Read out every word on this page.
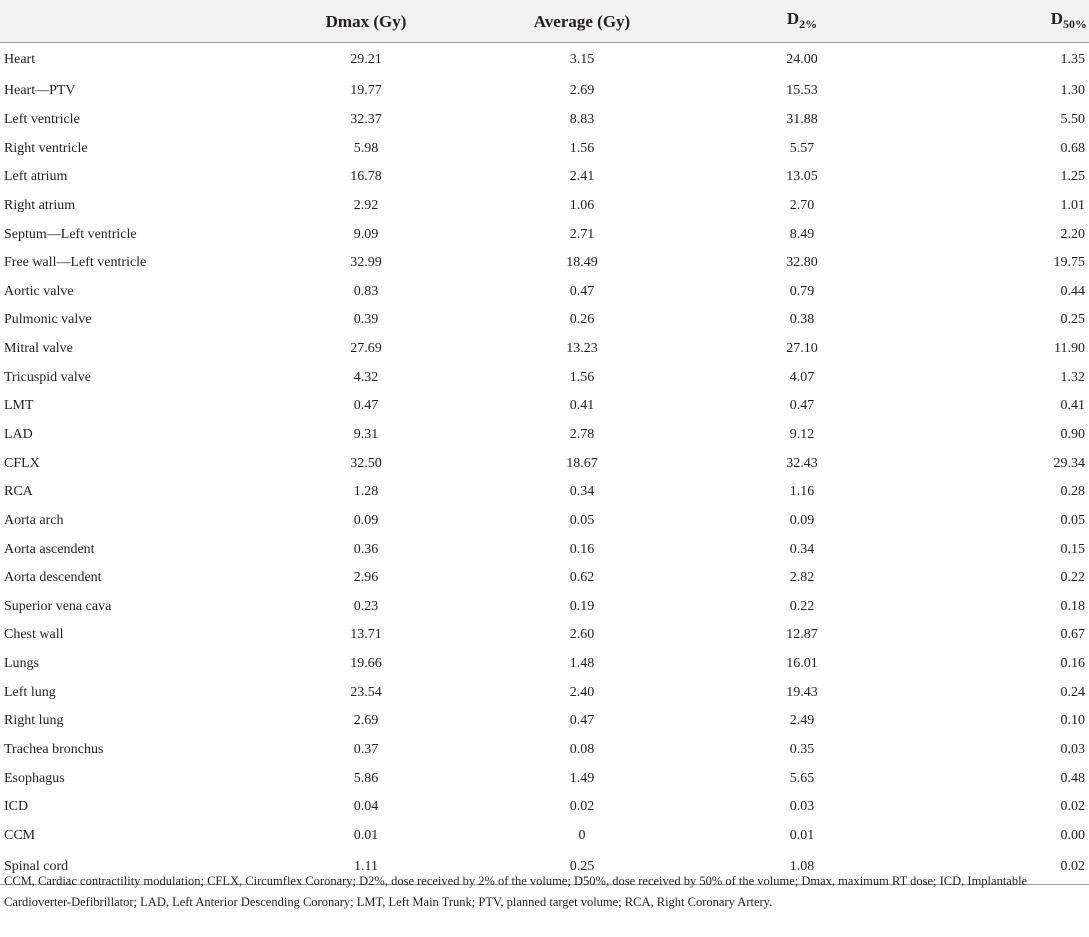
	Dmax (Gy)	Average (Gy)	$D_{2\%}$	$D_{50\%}$
Heart	29.21	3.15	24.00	1.35
Heart—PTV	19.77	2.69	15.53	1.30
Left ventricle	32.37	8.83	31.88	5.50
Right ventricle	5.98	1.56	5.57	0.68
Left atrium	16.78	2.41	13.05	1.25
Right atrium	2.92	1.06	2.70	1.01
Septum—Left ventricle	9.09	2.71	8.49	2.20
Free wall—Left ventricle	32.99	18.49	32.80	19.75
Aortic valve	0.83	0.47	0.79	0.44
Pulmonic valve	0.39	0.26	0.38	0.25
Mitral valve	27.69	13.23	27.10	11.90
Tricuspid valve	4.32	1.56	4.07	1.32
LMT	0.47	0.41	0.47	0.41
LAD	9.31	2.78	9.12	0.90
CFLX	32.50	18.67	32.43	29.34
RCA	1.28	0.34	1.16	0.28
Aorta arch	0.09	0.05	0.09	0.05
Aorta ascendent	0.36	0.16	0.34	0.15
Aorta descendent	2.96	0.62	2.82	0.22
Superior vena cava	0.23	0.19	0.22	0.18
Chest wall	13.71	2.60	12.87	0.67
Lungs	19.66	1.48	16.01	0.16
Left lung	23.54	2.40	19.43	0.24
Right lung	2.69	0.47	2.49	0.10
Trachea bronchus	0.37	0.08	0.35	0.03
Esophagus	5.86	1.49	5.65	0.48
ICD	0.04	0.02	0.03	0.02
CCM	0.01	0	0.01	0.00
Spinal cord	1.11	0.25	1.08	0.02
CCM, Cardiac contractility modulation; CFLX, Circumflex Coronary; D2%, dose received by 2% of the volume; D50%, dose received by 50% of the volume; Dmax, maximum RT dose; ICD, Implantable Cardioverter-Defibrillator; LAD, Left Anterior Descending Coronary; LMT, Left Main Trunk; PTV, planned target volume; RCA, Right Coronary Artery.
